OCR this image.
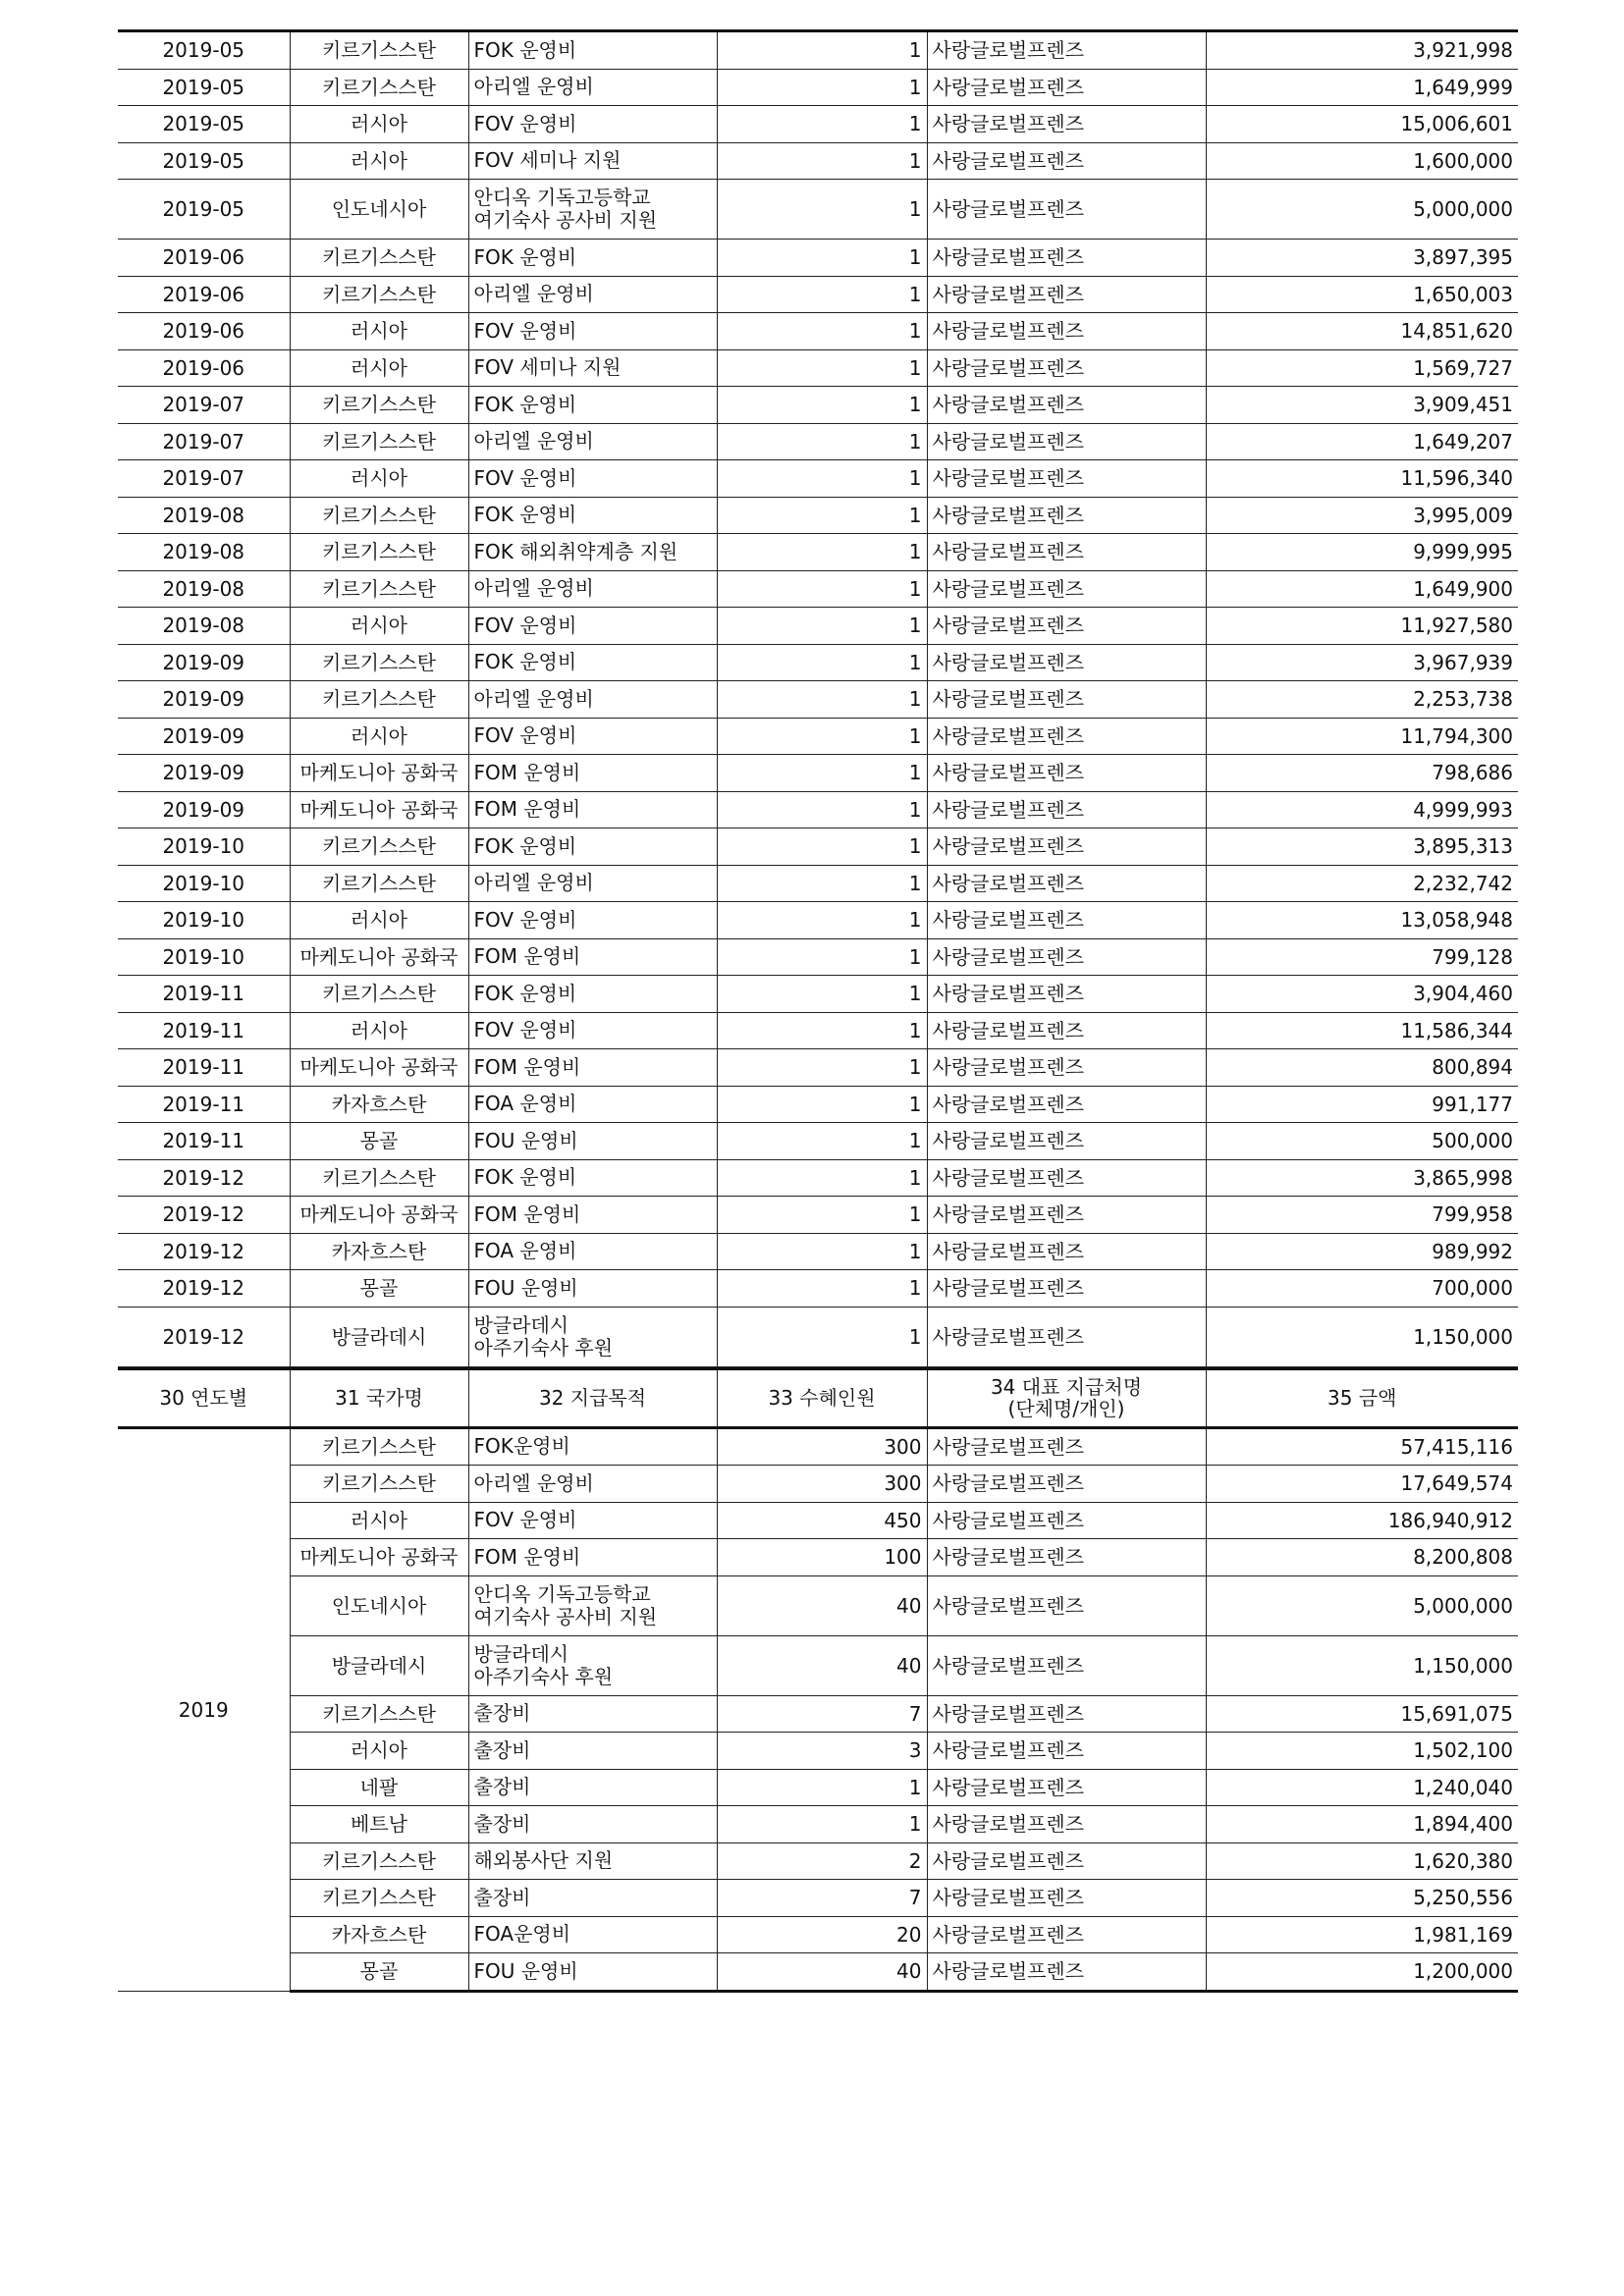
2019-05	키르기스스탄	FOK 운영비	1	사랑글로벌프렌즈	3,921,998
2019-05	키르기스스탄	아리엘 운영비	1	사랑글로벌프렌즈	1,649,999
2019-05	러시아	FOV 운영비	1	사랑글로벌프렌즈	15,006,601
2019-05	러시아	FOV 세미나 지원	1	사랑글로벌프렌즈	1,600,000
2019-05	인도네시아	안디옥 기독고등학교
여기숙사 공사비 지원	1	사랑글로벌프렌즈	5,000,000
2019-06	키르기스스탄	FOK 운영비	1	사랑글로벌프렌즈	3,897,395
2019-06	키르기스스탄	아리엘 운영비	1	사랑글로벌프렌즈	1,650,003
2019-06	러시아	FOV 운영비	1	사랑글로벌프렌즈	14,851,620
2019-06	러시아	FOV 세미나 지원	1	사랑글로벌프렌즈	1,569,727
2019-07	키르기스스탄	FOK 운영비	1	사랑글로벌프렌즈	3,909,451
2019-07	키르기스스탄	아리엘 운영비	1	사랑글로벌프렌즈	1,649,207
2019-07	러시아	FOV 운영비	1	사랑글로벌프렌즈	11,596,340
2019-08	키르기스스탄	FOK 운영비	1	사랑글로벌프렌즈	3,995,009
2019-08	키르기스스탄	FOK 해외취약계층 지원	1	사랑글로벌프렌즈	9,999,995
2019-08	키르기스스탄	아리엘 운영비	1	사랑글로벌프렌즈	1,649,900
2019-08	러시아	FOV 운영비	1	사랑글로벌프렌즈	11,927,580
2019-09	키르기스스탄	FOK 운영비	1	사랑글로벌프렌즈	3,967,939
2019-09	키르기스스탄	아리엘 운영비	1	사랑글로벌프렌즈	2,253,738
2019-09	러시아	FOV 운영비	1	사랑글로벌프렌즈	11,794,300
2019-09	마케도니아 공화국	FOM 운영비	1	사랑글로벌프렌즈	798,686
2019-09	마케도니아 공화국	FOM 운영비	1	사랑글로벌프렌즈	4,999,993
2019-10	키르기스스탄	FOK 운영비	1	사랑글로벌프렌즈	3,895,313
2019-10	키르기스스탄	아리엘 운영비	1	사랑글로벌프렌즈	2,232,742
2019-10	러시아	FOV 운영비	1	사랑글로벌프렌즈	13,058,948
2019-10	마케도니아 공화국	FOM 운영비	1	사랑글로벌프렌즈	799,128
2019-11	키르기스스탄	FOK 운영비	1	사랑글로벌프렌즈	3,904,460
2019-11	러시아	FOV 운영비	1	사랑글로벌프렌즈	11,586,344
2019-11	마케도니아 공화국	FOM 운영비	1	사랑글로벌프렌즈	800,894
2019-11	카자흐스탄	FOA 운영비	1	사랑글로벌프렌즈	991,177
2019-11	몽골	FOU 운영비	1	사랑글로벌프렌즈	500,000
2019-12	키르기스스탄	FOK 운영비	1	사랑글로벌프렌즈	3,865,998
2019-12	마케도니아 공화국	FOM 운영비	1	사랑글로벌프렌즈	799,958
2019-12	카자흐스탄	FOA 운영비	1	사랑글로벌프렌즈	989,992
2019-12	몽골	FOU 운영비	1	사랑글로벌프렌즈	700,000
2019-12	방글라데시	방글라데시
아주기숙사 후원	1	사랑글로벌프렌즈	1,150,000
30 연도별	31 국가명	32 지급목적	33 수혜인원	34 대표 지급처명
(단체명/개인)	35 금액
2019	키르기스스탄	FOK운영비	300	사랑글로벌프렌즈	57,415,116
	키르기스스탄	아리엘 운영비	300	사랑글로벌프렌즈	17,649,574
	러시아	FOV 운영비	450	사랑글로벌프렌즈	186,940,912
	마케도니아 공화국	FOM 운영비	100	사랑글로벌프렌즈	8,200,808
	인도네시아	안디옥 기독고등학교
여기숙사 공사비 지원	40	사랑글로벌프렌즈	5,000,000
	방글라데시	방글라데시
아주기숙사 후원	40	사랑글로벌프렌즈	1,150,000
	키르기스스탄	출장비	7	사랑글로벌프렌즈	15,691,075
	러시아	출장비	3	사랑글로벌프렌즈	1,502,100
	네팔	출장비	1	사랑글로벌프렌즈	1,240,040
	베트남	출장비	1	사랑글로벌프렌즈	1,894,400
	키르기스스탄	해외봉사단 지원	2	사랑글로벌프렌즈	1,620,380
	키르기스스탄	출장비	7	사랑글로벌프렌즈	5,250,556
	카자흐스탄	FOA운영비	20	사랑글로벌프렌즈	1,981,169
	몽골	FOU 운영비	40	사랑글로벌프렌즈	1,200,000
